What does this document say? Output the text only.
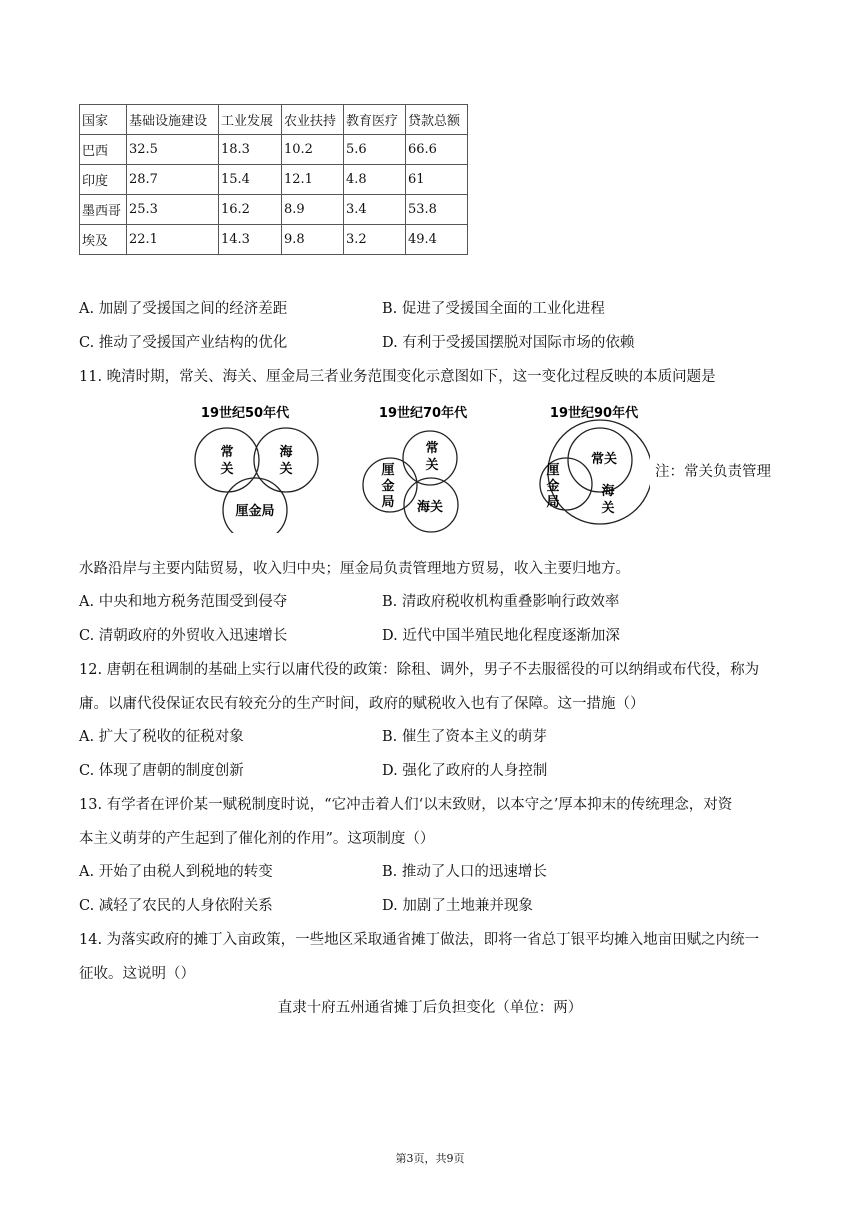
国家	基础设施建设	工业发展	农业扶持	教育医疗	贷款总额
巴西	32.5	18.3	10.2	5.6	66.6
印度	28.7	15.4	12.1	4.8	61
墨西哥	25.3	16.2	8.9	3.4	53.8
埃及	22.1	14.3	9.8	3.2	49.4
A. 加剧了受援国之间的经济差距	B. 促进了受援国全面的工业化进程
C. 推动了受援国产业结构的优化	D. 有利于受援国摆脱对国际市场的依赖
11. 晚清时期，常关、海关、厘金局三者业务范围变化示意图如下，这一变化过程反映的本质问题是
19世纪50年代
常
关
海
关
厘金局
19世纪70年代
常
关
厘
金
局 海关
19世纪90年代
常关
厘
金
局
海
关
注：常关负责管理
水路沿岸与主要内陆贸易，收入归中央；厘金局负责管理地方贸易，收入主要归地方。
A. 中央和地方税务范围受到侵夺	B. 清政府税收机构重叠影响行政效率
C. 清朝政府的外贸收入迅速增长	D. 近代中国半殖民地化程度逐渐加深
12. 唐朝在租调制的基础上实行以庸代役的政策：除租、调外，男子不去服徭役的可以纳绢或布代役，称为
庸。以庸代役保证农民有较充分的生产时间，政府的赋税收入也有了保障。这一措施（）
A. 扩大了税收的征税对象	B. 催生了资本主义的萌芽
C. 体现了唐朝的制度创新	D. 强化了政府的人身控制
13. 有学者在评价某一赋税制度时说，“它冲击着人们‘以末致财，以本守之’厚本抑末的传统理念，对资
本主义萌芽的产生起到了催化剂的作用”。这项制度（）
A. 开始了由税人到税地的转变	B. 推动了人口的迅速增长
C. 减轻了农民的人身依附关系	D. 加剧了土地兼并现象
14. 为落实政府的摊丁入亩政策，一些地区采取通省摊丁做法，即将一省总丁银平均摊入地亩田赋之内统一
征收。这说明（）
直隶十府五州通省摊丁后负担变化（单位：两）
第3页，共9页
